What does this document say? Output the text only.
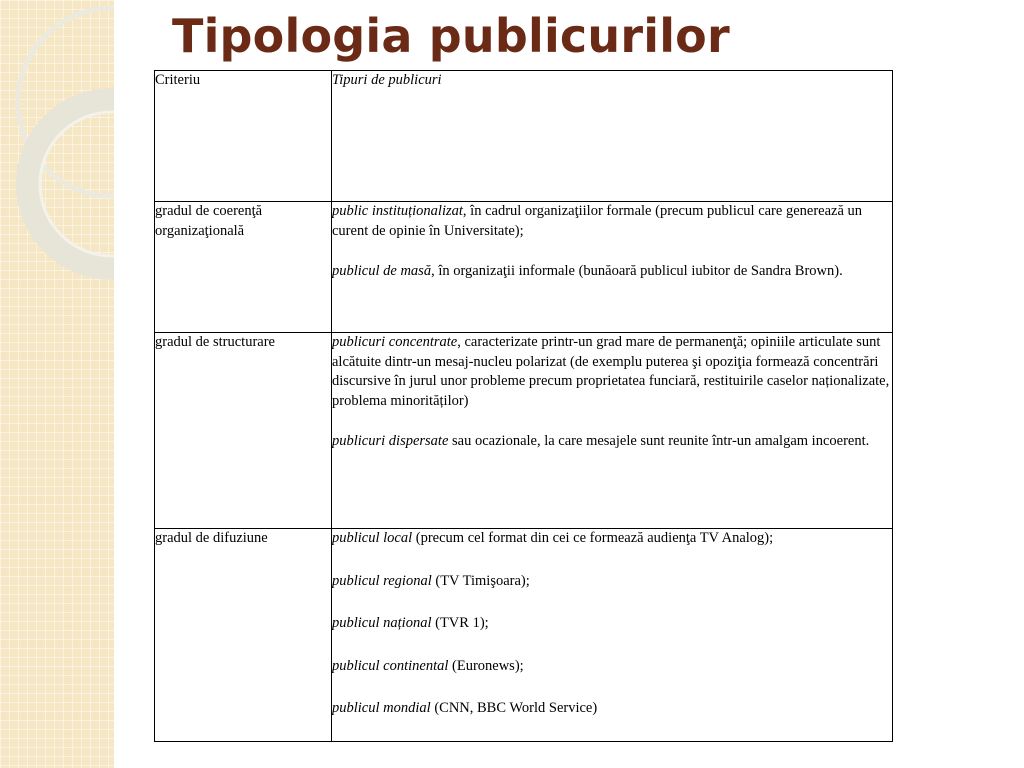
Tipologia publicurilor
Criteriu	Tipuri de publicuri
gradul de coerenţă organizaţională	public instituționalizat, în cadrul organizaţiilor formale (precum publicul care generează un curent de opinie în Universitate);

publicul de masă, în organizaţii informale (bunăoară publicul iubitor de Sandra Brown).

gradul de structurare	publicuri concentrate, caracterizate printr-un grad mare de permanenţă; opiniile articulate sunt alcătuite dintr-un mesaj-nucleu polarizat (de exemplu puterea şi opoziţia formează concentrări discursive în jurul unor probleme precum proprietatea funciară, restituirile caselor naționalizate, problema minorităților)

publicuri dispersate sau ocazionale, la care mesajele sunt reunite într-un amalgam incoerent.

gradul de difuziune	publicul local (precum cel format din cei ce formează audienţa TV Analog);

publicul regional (TV Timişoara);

publicul național (TVR 1);

publicul continental (Euronews);

publicul mondial (CNN, BBC World Service)
